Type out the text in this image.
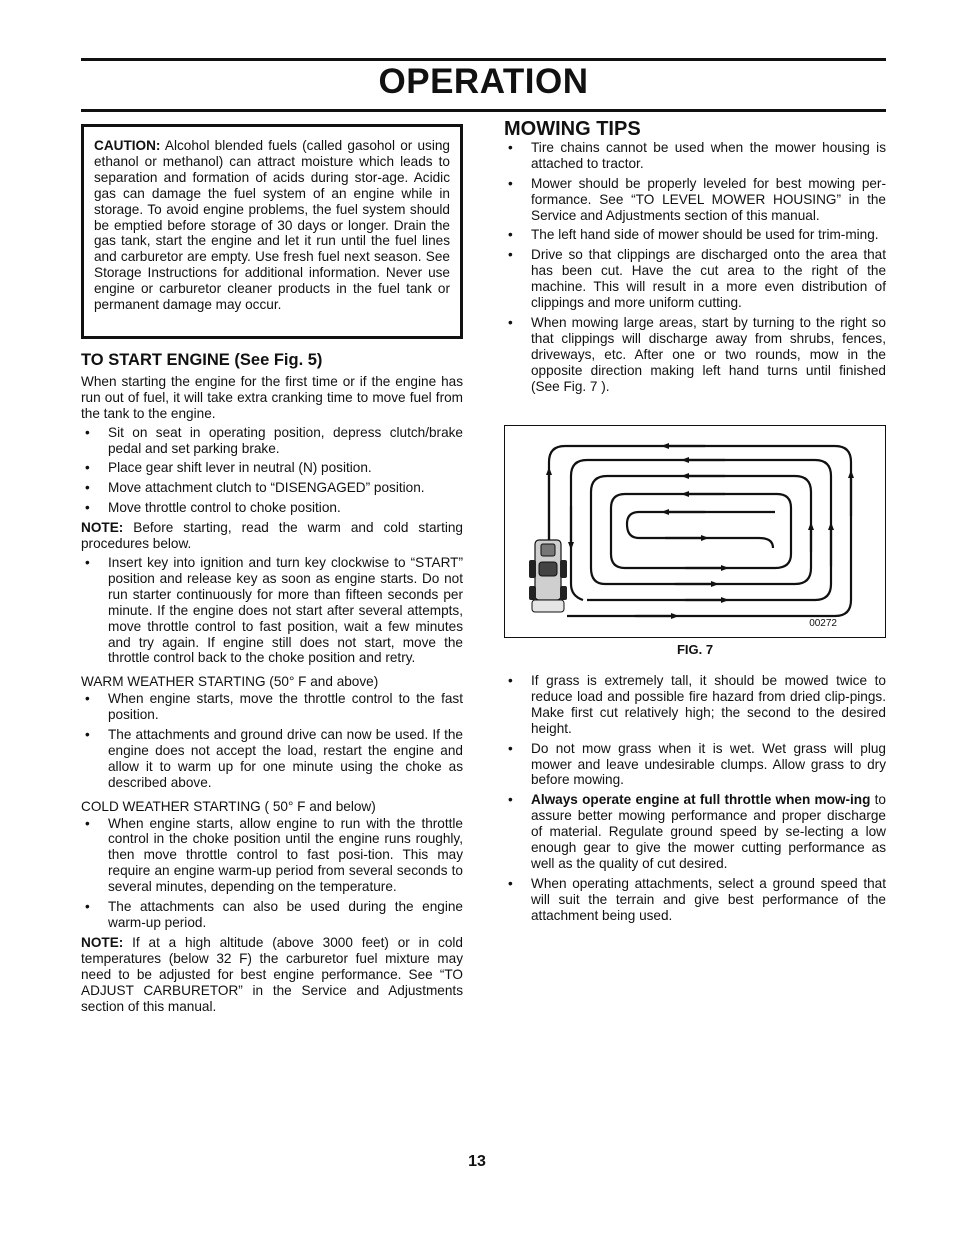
OPERATION

CAUTION: Alcohol blended fuels (called gasohol or using ethanol or methanol) can attract moisture which leads to separation and formation of acids during stor-age. Acidic gas can damage the fuel system of an engine while in storage. To avoid engine problems, the fuel system should be emptied before storage of 30 days or longer. Drain the gas tank, start the engine and let it run until the fuel lines and carburetor are empty. Use fresh fuel next season. See Storage Instructions for additional information. Never use engine or carburetor cleaner products in the fuel tank or permanent damage may occur.

TO START ENGINE (See Fig. 5)

When starting the engine for the first time or if the engine has run out of fuel, it will take extra cranking time to move fuel from the tank to the engine.

• Sit on seat in operating position, depress clutch/brake pedal and set parking brake.
• Place gear shift lever in neutral (N) position.
• Move attachment clutch to “DISENGAGED” position.
• Move throttle control to choke position.

NOTE: Before starting, read the warm and cold starting procedures below.

• Insert key into ignition and turn key clockwise to “START” position and release key as soon as engine starts. Do not run starter continuously for more than fifteen seconds per minute. If the engine does not start after several attempts, move throttle control to fast position, wait a few minutes and try again. If engine still does not start, move the throttle control back to the choke position and retry.

WARM WEATHER STARTING (50° F and above)

• When engine starts, move the throttle control to the fast position.
• The attachments and ground drive can now be used. If the engine does not accept the load, restart the engine and allow it to warm up for one minute using the choke as described above.

COLD WEATHER STARTING ( 50° F and below)

• When engine starts, allow engine to run with the throttle control in the choke position until the engine runs roughly, then move throttle control to fast posi-tion. This may require an engine warm-up period from several seconds to several minutes, depending on the temperature.
• The attachments can also be used during the engine warm-up period.

NOTE: If at a high altitude (above 3000 feet) or in cold temperatures (below 32 F) the carburetor fuel mixture may need to be adjusted for best engine performance. See “TO ADJUST CARBURETOR” in the Service and Adjustments section of this manual.

MOWING TIPS
• Tire chains cannot be used when the mower housing is attached to tractor.
• Mower should be properly leveled for best mowing per-formance. See “TO LEVEL MOWER HOUSING” in the Service and Adjustments section of this manual.
• The left hand side of mower should be used for trim-ming.
• Drive so that clippings are discharged onto the area that has been cut. Have the cut area to the right of the machine. This will result in a more even distribution of clippings and more uniform cutting.
• When mowing large areas, start by turning to the right so that clippings will discharge away from shrubs, fences, driveways, etc. After one or two rounds, mow in the opposite direction making left hand turns until finished (See Fig. 7 ).
00272
FIG. 7
• If grass is extremely tall, it should be mowed twice to reduce load and possible fire hazard from dried clip-pings. Make first cut relatively high; the second to the desired height.
• Do not mow grass when it is wet. Wet grass will plug mower and leave undesirable clumps. Allow grass to dry before mowing.
• Always operate engine at full throttle when mow-ing to assure better mowing performance and proper discharge of material. Regulate ground speed by se-lecting a low enough gear to give the mower cutting performance as well as the quality of cut desired.
• When operating attachments, select a ground speed that will suit the terrain and give best performance of the attachment being used.
13
